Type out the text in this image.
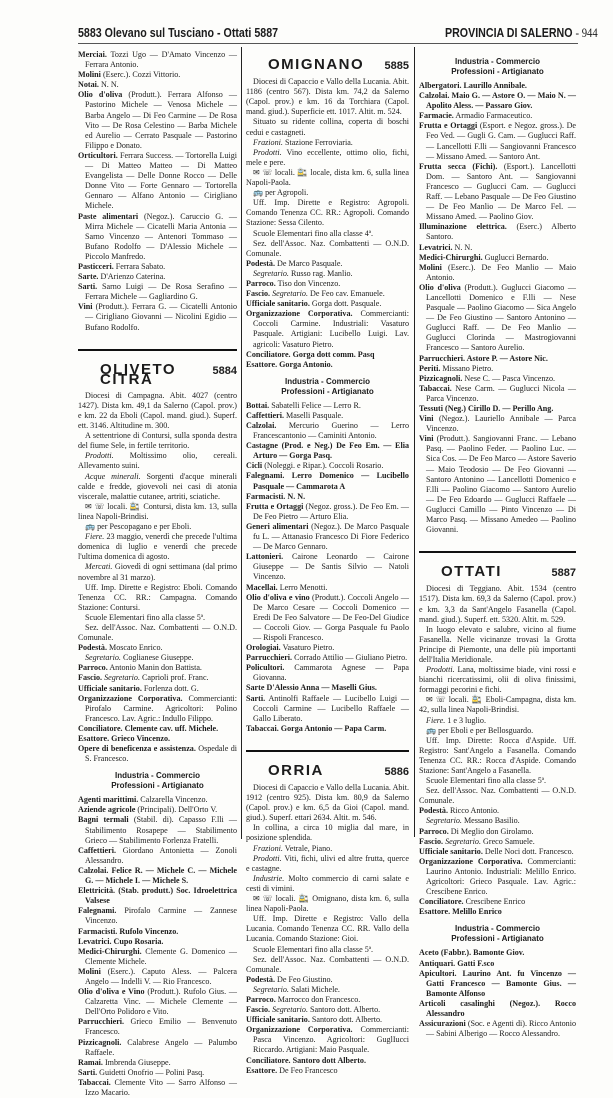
5883 Olevano sul Tusciano - Ottati 5887	PROVINCIA DI SALERNO - 944

Merciai. Tozzi Ugo — D'Amato Vincenzo — Ferrara Antonio.

Molini (Eserc.). Cozzi Vittorio.

Notai. N. N.

Olio d'oliva (Produtt.). Ferrara Alfonso — Pastorino Michele — Venosa Michele — Barba Angelo — Di Feo Carmine — De Rosa Vito — De Rosa Celestino — Barba Michele ed Aurelio — Cerrato Pasquale — Pastorino Filippo e Donato.

Orticultori. Ferrara Success. — Tortorella Luigi — Di Matteo Matteo — Di Matteo Evangelista — Delle Donne Rocco — Delle Donne Vito — Forte Gennaro — Tortorella Gennaro — Alfano Antonio — Cirigliano Michele.

Paste alimentari (Negoz.). Caruccio G. — Mirra Michele — Cicatelli Maria Antonia — Sarno Vincenzo — Antenori Tommaso — Bufano Rodolfo — D'Alessio Michele — Piccolo Manfredo.

Pasticceri. Ferrara Sabato.

Sarte. D'Arienzo Caterina.

Sarti. Sarno Luigi — De Rosa Serafino — Ferrara Michele — Gagliardino G.

Vini (Produtt.). Ferrara G. — Cicatelli Antonio — Cirigliano Giovanni — Nicolini Egidio — Bufano Rodolfo.

OLIVETO CITRA
5884

Diocesi di Campagna. Abit. 4027 (centro 1427). Dista km. 49,1 da Salerno (Capol. prov.) e km. 22 da Eboli (Capol. mand. giud.). Superf. ett. 3146. Altitudine m. 300.

A settentrione di Contursi, sulla sponda destra del fiume Sele, in fertile territorio.

Prodotti. Moltissimo olio, cereali. Allevamento suini.

Acque minerali. Sorgenti d'acque minerali calde e fredde, giovevoli nei casi di atonia viscerale, malattie cutanee, artriti, sciatiche.

✉ ☏ locali. 🚉 Contursi, dista km. 13, sulla linea Napoli-Brindisi.

🚌 per Pescopagano e per Eboli.

Fiere. 23 maggio, venerdì che precede l'ultima domenica di luglio e venerdì che precede l'ultima domenica di agosto.

Mercati. Giovedì di ogni settimana (dal primo novembre al 31 marzo).

Uff. Imp. Dirette e Registro: Eboli. Comando Tenenza CC. RR.: Campagna. Comando Stazione: Contursi.

Scuole Elementari fino alla classe 5ª.

Sez. dell'Assoc. Naz. Combattenti — O.N.D. Comunale.

Podestà. Moscato Enrico.

Segretario. Coglianese Giuseppe.

Parroco. Antonio Manin don Battista.

Fascio. Segretario. Caprioli prof. Franc.

Ufficiale sanitario. Forlenza dott. G.

Organizzazione Corporativa. Commercianti: Pirofalo Carmine. Agricoltori: Polino Francesco. Lav. Agric.: Indullo Filippo.

Conciliatore. Clemente cav. uff. Michele.

Esattore. Grieco Vincenzo.

Opere di beneficenza e assistenza. Ospedale di S. Francesco.

Industria - Commercio
Professioni - Artigianato

Agenti marittimi. Calzarella Vincenzo.

Aziende agricole (Principali). Dell'Orto V.

Bagni termali (Stabil. di). Capasso F.lli — Stabilimento Rosapepe — Stabilimento Grieco — Stabilimento Forlenza Fratelli.

Caffettieri. Giordano Antonietta — Zonoli Alessandro.

Calzolai. Felice R. — Michele C. — Michele G. — Michele I. — Michele S.

Elettricità. (Stab. produtt.) Soc. Idroelettrica Valsese

Falegnami. Pirofalo Carmine — Zannese Vincenzo.

Farmacisti. Rufolo Vincenzo.

Levatrici. Cupo Rosaria.

Medici-Chirurghi. Clemente G. Domenico — Clemente Michele.

Molini (Eserc.). Caputo Aless. — Palcera Angelo — Indelli V. — Rio Francesco.

Olio d'oliva e Vino (Produtt.). Rufolo Gius. — Calzaretta Vinc. — Michele Clemente — Dell'Orto Polidoro e Vito.

Parrucchieri. Grieco Emilio — Benvenuto Francesco.

Pizzicagnoli. Calabrese Angelo — Palumbo Raffaele.

Ramai. Imbrenda Giuseppe.

Sarti. Guidetti Onofrio — Polini Pasq.

Tabaccai. Clemente Vito — Sarro Alfonso — Izzo Macario.

OMIGNANO 5885

Diocesi di Capaccio e Vallo della Lucania. Abit. 1186 (centro 567). Dista km. 74,2 da Salerno (Capol. prov.) e km. 16 da Torchiara (Capol. mand. giud.). Superficie ett. 1017. Altit. m. 524.

Situato su ridente collina, coperta di boschi cedui e castagneti.

Frazioni. Stazione Ferroviaria.

Prodotti. Vino eccellente, ottimo olio, fichi, mele e pere.

✉ ☏ locali. 🚉 locale, dista km. 6, sulla linea Napoli-Paola.

🚌 per Agropoli.

Uff. Imp. Dirette e Registro: Agropoli. Comando Tenenza CC. RR.: Agropoli. Comando Stazione: Sessa Cilento.

Scuole Elementari fino alla classe 4ª.

Sez. dell'Assoc. Naz. Combattenti — O.N.D. Comunale.

Podestà. De Marco Pasquale.

Segretario. Russo rag. Manlio.

Parroco. Tiso don Vincenzo.

Fascio. Segretario. De Feo cav. Emanuele.

Ufficiale sanitario. Gorga dott. Pasquale.

Organizzazione Corporativa. Commercianti: Coccoli Carmine. Industriali: Vasaturo Pasquale. Artigiani: Lucibello Luigi. Lav. agricoli: Vasaturo Pietro.

Conciliatore. Gorga dott comm. Pasq

Esattore. Gorga Antonio.

Industria - Commercio
Professioni - Artigianato

Bottai. Sabatelli Felice — Lerro R.

Caffettieri. Maselli Pasquale.

Calzolai. Mercurio Guerino — Lerro Francescantonio — Caminiti Antonio.

Castagne (Prod. e Neg.) De Feo Em. — Elia Arturo — Gorga Pasq.

Cicli (Noleggi. e Ripar.). Coccoli Rosario.

Falegnami. Lerro Domenico — Lucibello Pasquale — Cammarota A

Farmacisti. N. N.

Frutta e Ortaggi (Negoz. gross.). De Feo Em. — De Feo Pietro — Arturo Elia.

Generi alimentari (Negoz.). De Marco Pasquale fu L. — Attanasio Francesco Di Fiore Federico — De Marco Gennaro.

Lattonieri. Cairone Leonardo — Cairone Giuseppe — De Santis Silvio — Natoli Vincenzo.

Macellai. Lerro Menotti.

Olio d'oliva e vino (Produtt.). Coccoli Angelo — De Marco Cesare — Coccoli Domenico — Eredi De Feo Salvatore — De Feo-Del Giudice — Coccoli Giov. — Gorga Pasquale fu Paolo — Rispoli Francesco.

Orologiai. Vasaturo Pietro.

Parrucchieri. Corrado Attilio — Giuliano Pietro.

Policultori. Cammarota Agnese — Papa Giovanna.

Sarte D'Alessio Anna — Maselli Gius.

Sarti. Antinolfi Raffaele — Lucibello Luigi — Coccoli Carmine — Lucibello Raffaele — Gallo Liberato.

Tabaccai. Gorga Antonio — Papa Carm.

ORRIA	5886

Diocesi di Capaccio e Vallo della Lucania. Abit. 1912 (centro 925). Dista km. 80,9 da Salerno (Capol. prov.) e km. 6,5 da Gioi (Capol. mand. giud.). Superf. ettari 2634. Altit. m. 546.

In collina, a circa 10 miglia dal mare, in posizione splendida.

Frazioni. Vetrale, Piano.

Prodotti. Viti, fichi, ulivi ed altre frutta, querce e castagne.

Industrie. Molto commercio di carni salate e cesti di vimini.

✉ ☏ locali. 🚉 Omignano, dista km. 6, sulla linea Napoli-Paola.

Uff. Imp. Dirette e Registro: Vallo della Lucania. Comando Tenenza CC. RR. Vallo della Lucania. Comando Stazione: Gioi.

Scuole Elementari fino alla classe 5ª.

Sez. dell'Assoc. Naz. Combattenti — O.N.D. Comunale.

Podestà. De Feo Giustino.

Segretario. Salati Michele.

Parroco. Marrocco don Francesco.

Fascio. Segretario. Santoro dott. Alberto.

Ufficiale sanitario. Santoro dott. Alberto.

Organizzazione Corporativa. Commercianti: Pasca Vincenzo. Agricoltori: GuglIucci Riccardo. Artigiani: Maio Pasquale.

Conciliatore. Santoro dott Alberto.

Esattore. De Feo Francesco

Industria - Commercio
Professioni - Artigianato

Albergatori. Laurillo Annibale.

Calzolai. Maio G. — Astore O. — Maio N. — Apolito Aless. — Passaro Giov.

Farmacie. Armadio Farmaceutico.

Frutta e Ortaggi (Esport. e Negoz. gross.). De Feo Ved. — Gugli G. Cam. — Guglucci Raff. — Lancellotti F.lli — Sangiovanni Francesco — Missano Amed. — Santoro Ant.

Frutta secca (Fichi). (Esport.). Lancellotti Dom. — Santoro Ant. — Sangiovanni Francesco — Guglucci Cam. — Guglucci Raff. — Lebano Pasquale — De Feo Giustino — De Feo Manlio — De Marco Fel. — Missano Amed. — Paolino Giov.

Illuminazione elettrica. (Eserc.) Alberto Santoro.

Levatrici. N. N.

Medici-Chirurghi. Guglucci Bernardo.

Molini (Eserc.). De Feo Manlio — Maio Antonio.

Olio d'oliva (Produtt.). Guglucci Giacomo — Lancellotti Domenico e F.lli — Nese Pasquale — Paolino Giacomo — Sica Angelo — De Feo Giustino — Santoro Antonino — Guglucci Raff. — De Feo Manlio — Guglucci Clorinda — Mastrogiovanni Francesco — Santoro Aurelio.

Parrucchieri. Astore P. — Astore Nic.

Periti. Missano Pietro.

Pizzicagnoli. Nese C. — Pasca Vincenzo.

Tabaccai. Nese Carm. — Guglucci Nicola — Parca Vincenzo.

Tessuti (Neg.) Cirillo D. — Perillo Ang.

Vini (Negoz.). Lauriello Annibale — Parca Vincenzo.

Vini (Produtt.). Sangiovanni Franc. — Lebano Pasq. — Paolino Feder. — Paolino Luc. — Sica Cos. — De Feo Marco — Astore Saverio — Maio Teodosio — De Feo Giovanni — Santoro Antonino — Lancellotti Domenico e F.lli — Paolino Giacomo — Santoro Aurelio — De Feo Edoardo — Guglucci Raffaele — Guglucci Camillo — Pinto Vincenzo — Di Marco Pasq. — Missano Amedeo — Paolino Giovanni.

OTTATI	5887

Diocesi di Teggiano. Abit. 1534 (centro 1517). Dista km. 69,3 da Salerno (Capol. prov.) e km. 3,3 da Sant'Angelo Fasanella (Capol. mand. giud.). Superf. ett. 5320. Altit. m. 529.

In luogo elevato e salubre, vicino al fiume Fasanella. Nelle vicinanze trovasi la Grotta Principe di Piemonte, una delle più importanti dell'Italia Meridionale.

Prodotti. Lana, moltissime biade, vini rossi e bianchi ricercatissimi, olii di oliva finissimi, formaggi pecorini e fichi.

✉ ☏ locali. 🚉 Eboli-Campagna, dista km. 42, sulla linea Napoli-Brindisi.

Fiere. 1 e 3 luglio.

🚌 per Eboli e per Bellosguardo.

Uff. Imp. Dirette: Rocca d'Aspide. Uff. Registro: Sant'Angelo a Fasanella. Comando Tenenza CC. RR.: Rocca d'Aspide. Comando Stazione: Sant'Angelo a Fasanella.

Scuole Elementari fino alla classe 5ª.

Sez. dell'Assoc. Naz. Combattenti — O.N.D. Comunale.

Podestà. Ricco Antonio.

Segretario. Messano Basilio.

Parroco. Di Meglio don Girolamo.

Fascio. Segretario. Greco Samuele.

Ufficiale sanitario. Delle Noci dott. Francesco.

Organizzazione Corporativa. Commercianti: Laurino Antonio. Industriali: Melillo Enrico. Agricoltori: Grieco Pasquale. Lav. Agric.: Crescibene Enrico.

Conciliatore. Crescibene Enrico

Esattore. Melillo Enrico

Industria - Commercio
Professioni - Artigianato

Aceto (Fabbr.). Bamonte Giov.

Antiquari. Gatti F.sco

Apicultori. Laurino Ant. fu Vincenzo — Gatti Francesco — Bamonte Gius. — Bamonte Alfonso

Articoli casalinghi (Negoz.). Rocco Alessandro

Assicurazioni (Soc. e Agenti di). Ricco Antonio — Sabini Alberigo — Rocco Alessandro.
